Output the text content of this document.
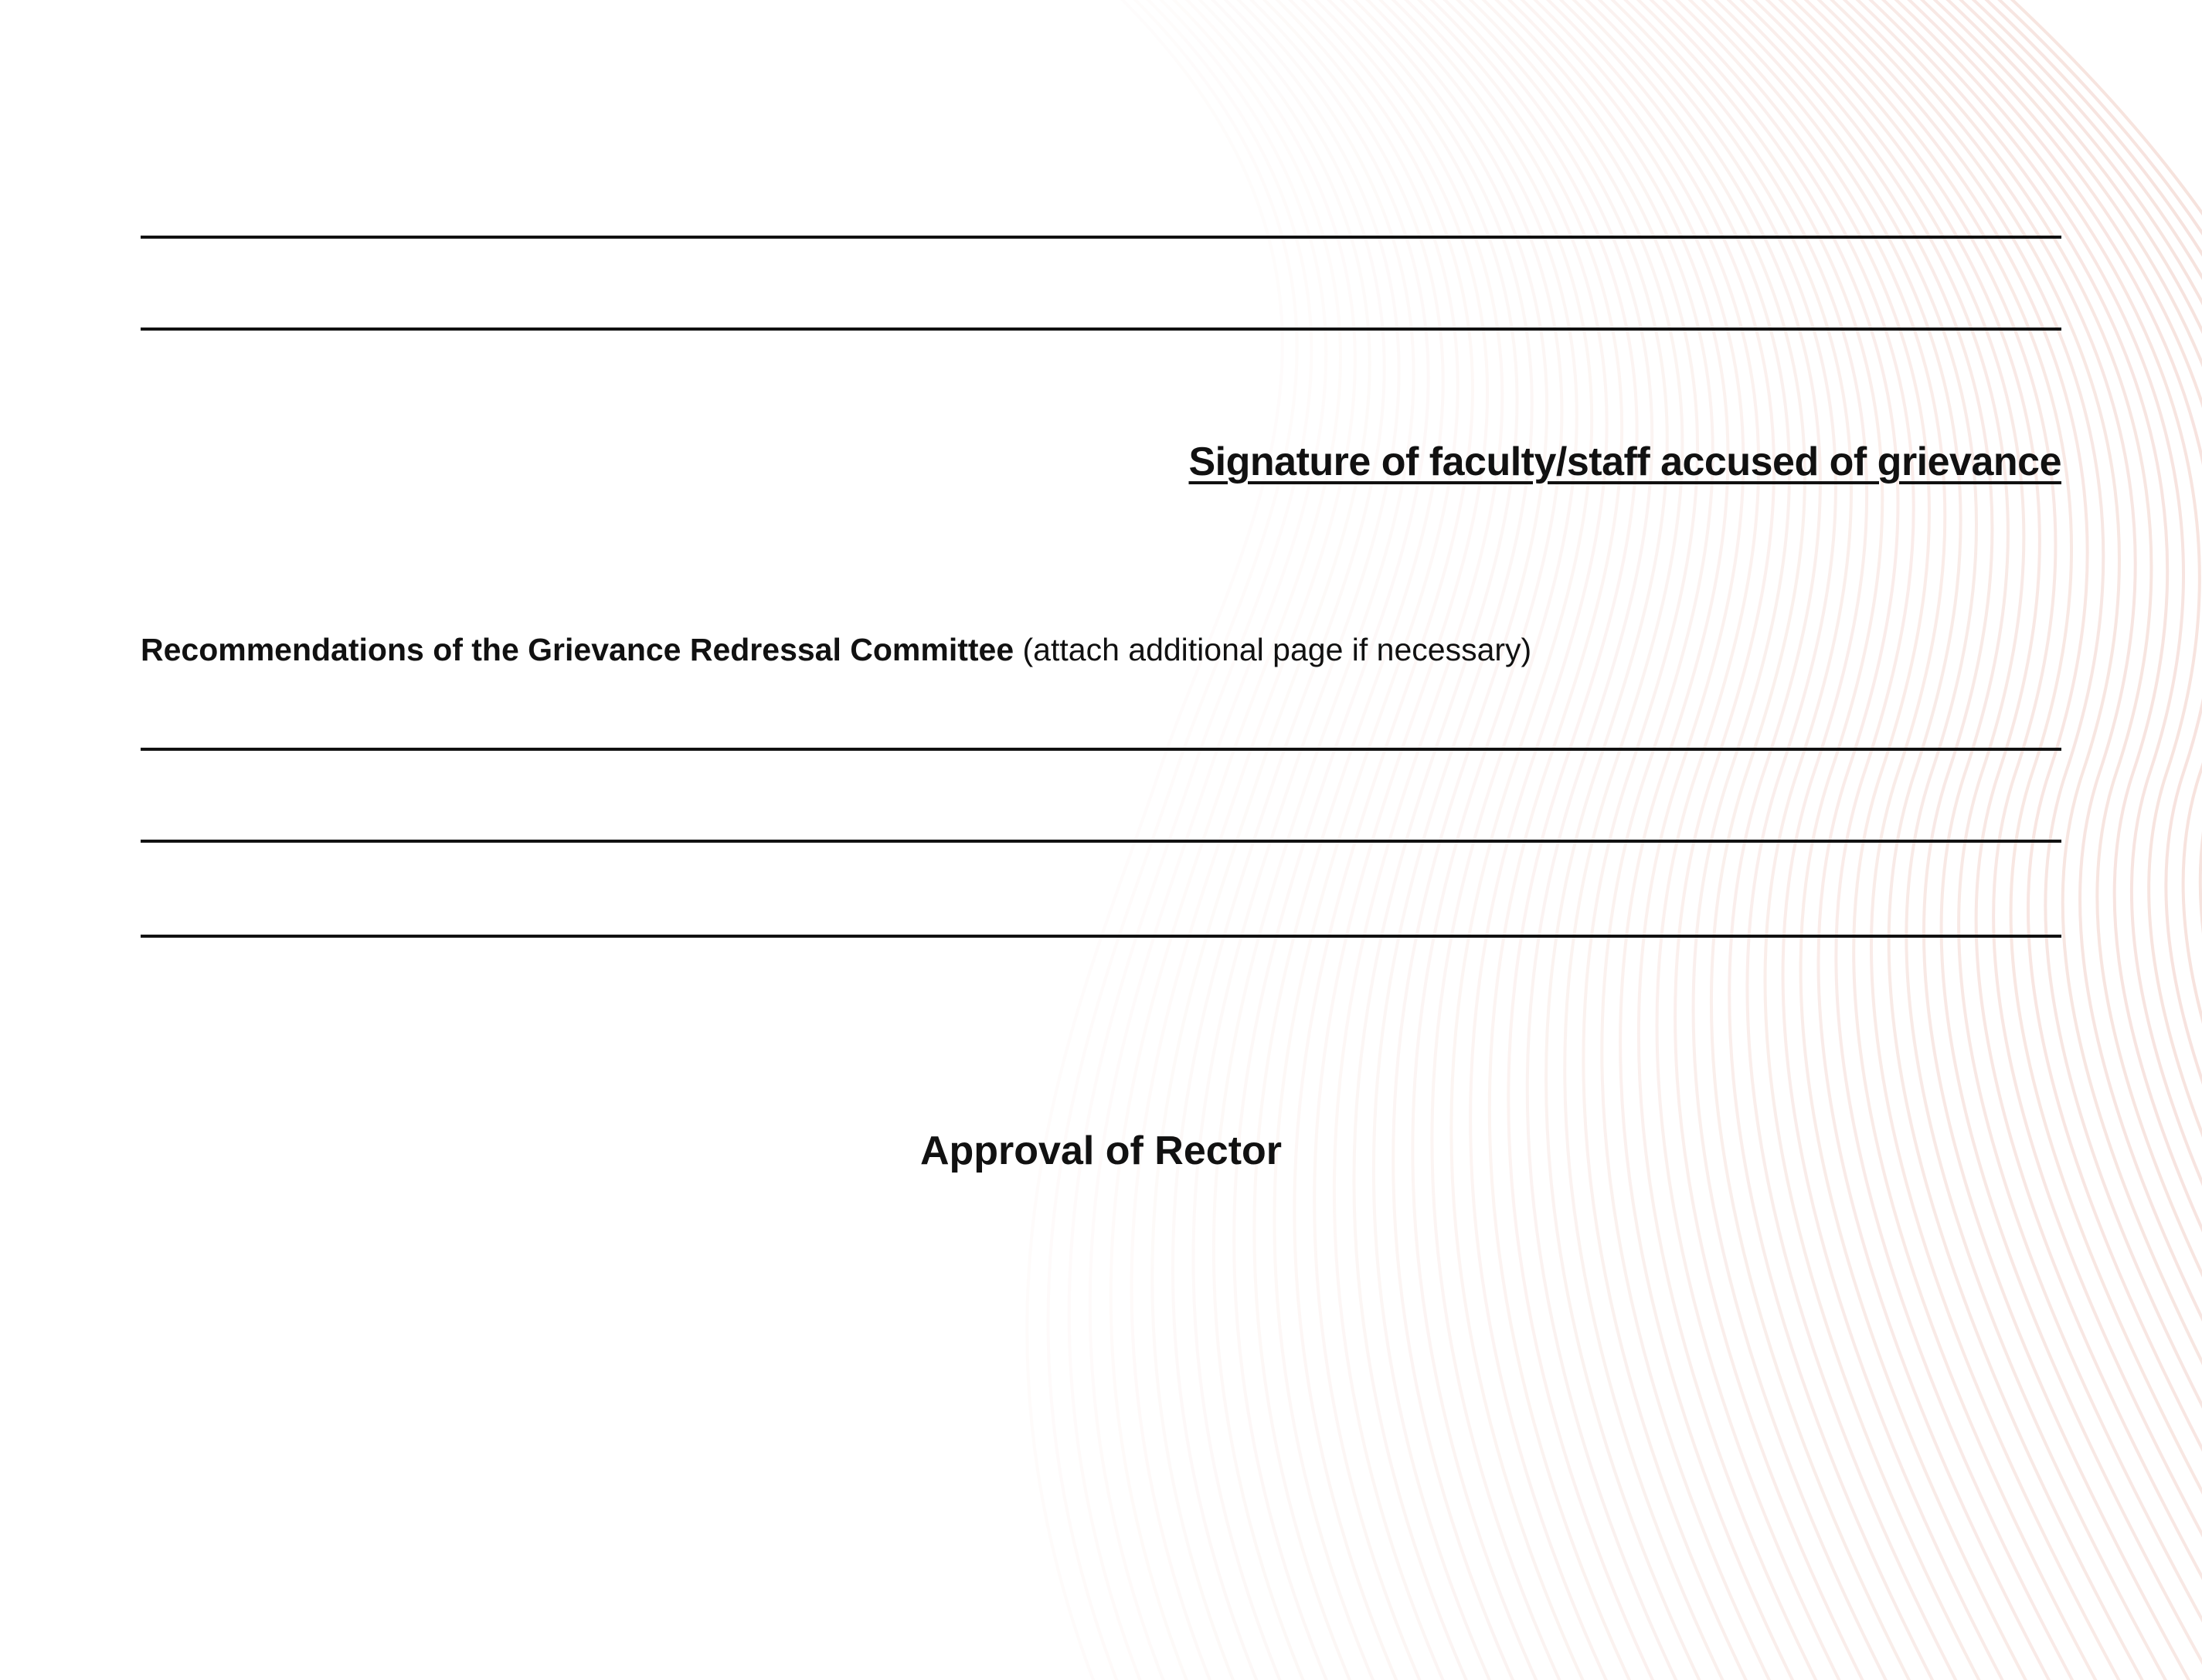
Signature of faculty/staff accused of grievance
Recommendations of the Grievance Redressal Committee (attach additional page if necessary)
Approval of Rector
